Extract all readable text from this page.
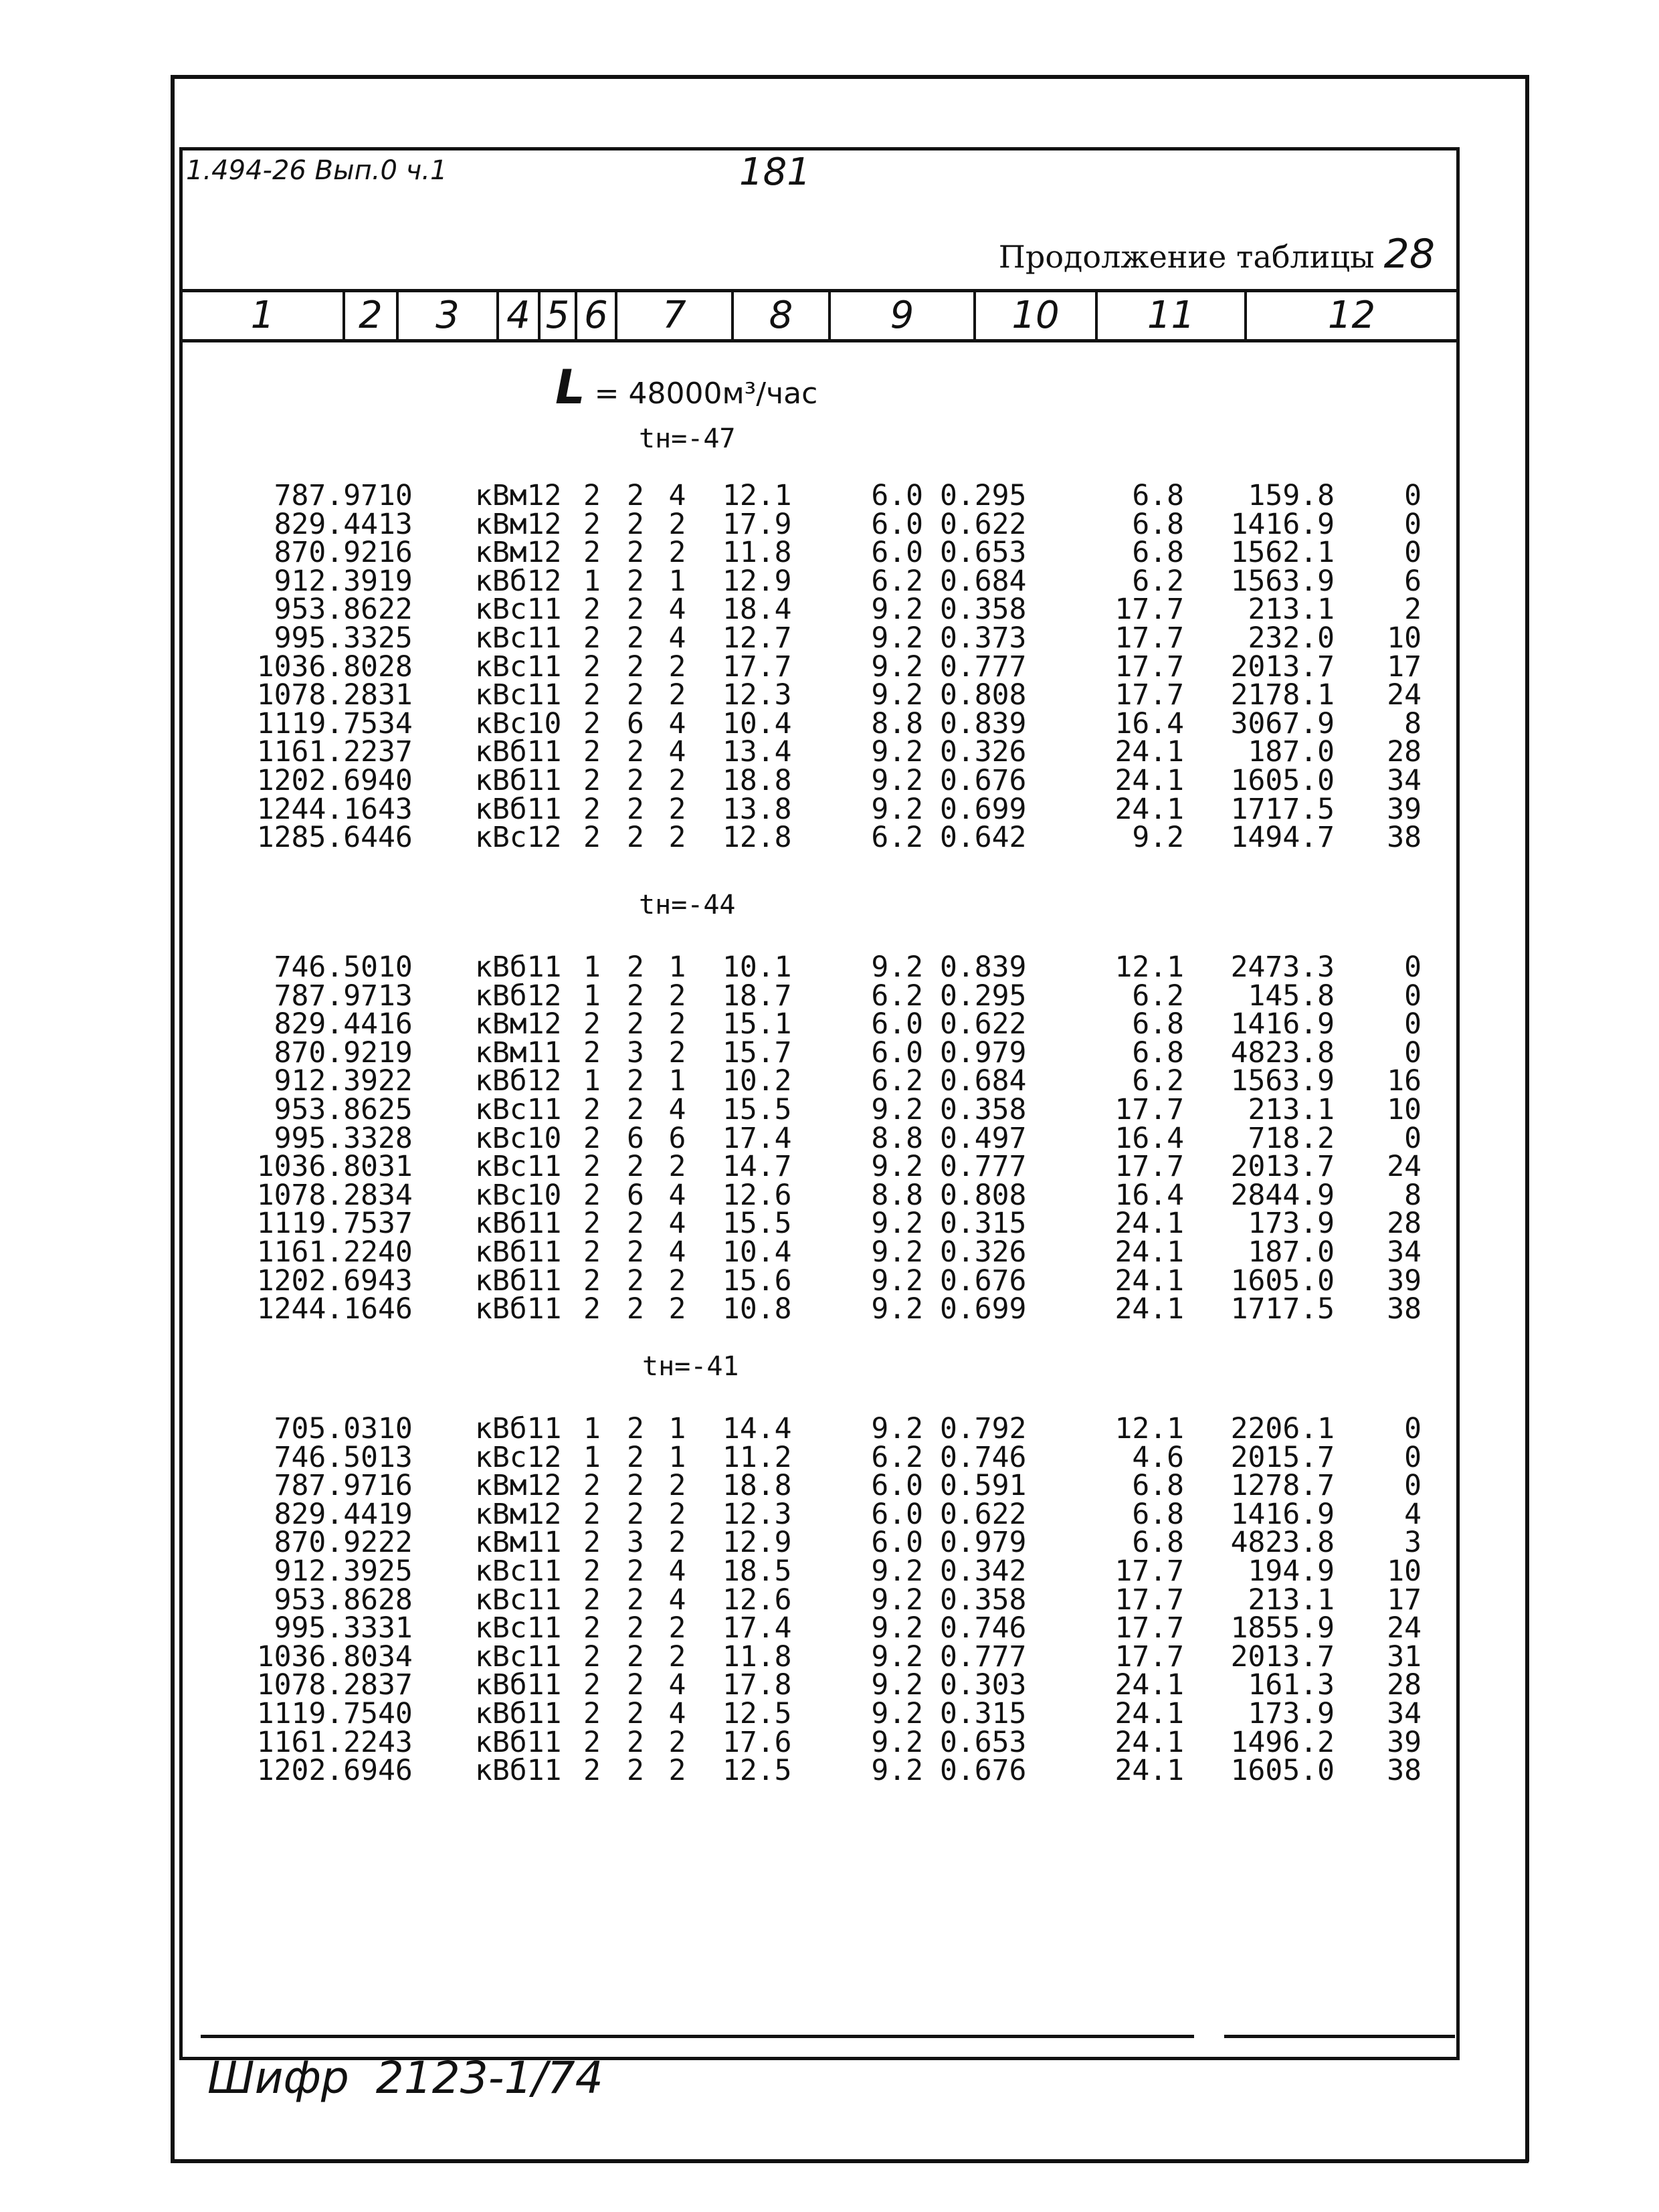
1.494-26 Вып.0 ч.1	181
Продолжение таблицы 28
1	2	3	4 5 6	7	8	9	10	11	12
L = 48000м³/час
tн=-47
787.97	10	кВм12	2	2	4	12.1	6.0	0.295	6.8	159.8	0
829.44	13	кВм12	2	2	2	17.9	6.0	0.622	6.8	1416.9	0
870.92	16	кВм12	2	2	2	11.8	6.0	0.653	6.8	1562.1	0
912.39	19	кВб12	1	2	1	12.9	6.2	0.684	6.2	1563.9	6
953.86	22	кВс11	2	2	4	18.4	9.2	0.358	17.7	213.1	2
995.33	25	кВс11	2	2	4	12.7	9.2	0.373	17.7	232.0	10
1036.80	28	кВс11	2	2	2	17.7	9.2	0.777	17.7	2013.7	17
1078.28	31	кВс11	2	2	2	12.3	9.2	0.808	17.7	2178.1	24
1119.75	34	кВс10	2	6	4	10.4	8.8	0.839	16.4	3067.9	8
1161.22	37	кВб11	2	2	4	13.4	9.2	0.326	24.1	187.0	28
1202.69	40	кВб11	2	2	2	18.8	9.2	0.676	24.1	1605.0	34
1244.16	43	кВб11	2	2	2	13.8	9.2	0.699	24.1	1717.5	39
1285.64	46	кВс12	2	2	2	12.8	6.2	0.642	9.2	1494.7	38
tн=-44
746.50	10	кВб11	1	2	1	10.1	9.2	0.839	12.1	2473.3	0
787.97	13	кВб12	1	2	2	18.7	6.2	0.295	6.2	145.8	0
829.44	16	кВм12	2	2	2	15.1	6.0	0.622	6.8	1416.9	0
870.92	19	кВм11	2	3	2	15.7	6.0	0.979	6.8	4823.8	0
912.39	22	кВб12	1	2	1	10.2	6.2	0.684	6.2	1563.9	16
953.86	25	кВс11	2	2	4	15.5	9.2	0.358	17.7	213.1	10
995.33	28	кВс10	2	6	6	17.4	8.8	0.497	16.4	718.2	0
1036.80	31	кВс11	2	2	2	14.7	9.2	0.777	17.7	2013.7	24
1078.28	34	кВс10	2	6	4	12.6	8.8	0.808	16.4	2844.9	8
1119.75	37	кВб11	2	2	4	15.5	9.2	0.315	24.1	173.9	28
1161.22	40	кВб11	2	2	4	10.4	9.2	0.326	24.1	187.0	34
1202.69	43	кВб11	2	2	2	15.6	9.2	0.676	24.1	1605.0	39
1244.16	46	кВб11	2	2	2	10.8	9.2	0.699	24.1	1717.5	38
tн=-41
705.03	10	кВб11	1	2	1	14.4	9.2	0.792	12.1	2206.1	0
746.50	13	кВс12	1	2	1	11.2	6.2	0.746	4.6	2015.7	0
787.97	16	кВм12	2	2	2	18.8	6.0	0.591	6.8	1278.7	0
829.44	19	кВм12	2	2	2	12.3	6.0	0.622	6.8	1416.9	4
870.92	22	кВм11	2	3	2	12.9	6.0	0.979	6.8	4823.8	3
912.39	25	кВс11	2	2	4	18.5	9.2	0.342	17.7	194.9	10
953.86	28	кВс11	2	2	4	12.6	9.2	0.358	17.7	213.1	17
995.33	31	кВс11	2	2	2	17.4	9.2	0.746	17.7	1855.9	24
1036.80	34	кВс11	2	2	2	11.8	9.2	0.777	17.7	2013.7	31
1078.28	37	кВб11	2	2	4	17.8	9.2	0.303	24.1	161.3	28
1119.75	40	кВб11	2	2	4	12.5	9.2	0.315	24.1	173.9	34
1161.22	43	кВб11	2	2	2	17.6	9.2	0.653	24.1	1496.2	39
1202.69	46	кВб11	2	2	2	12.5	9.2	0.676	24.1	1605.0	38
Шифр 2123-1/74
